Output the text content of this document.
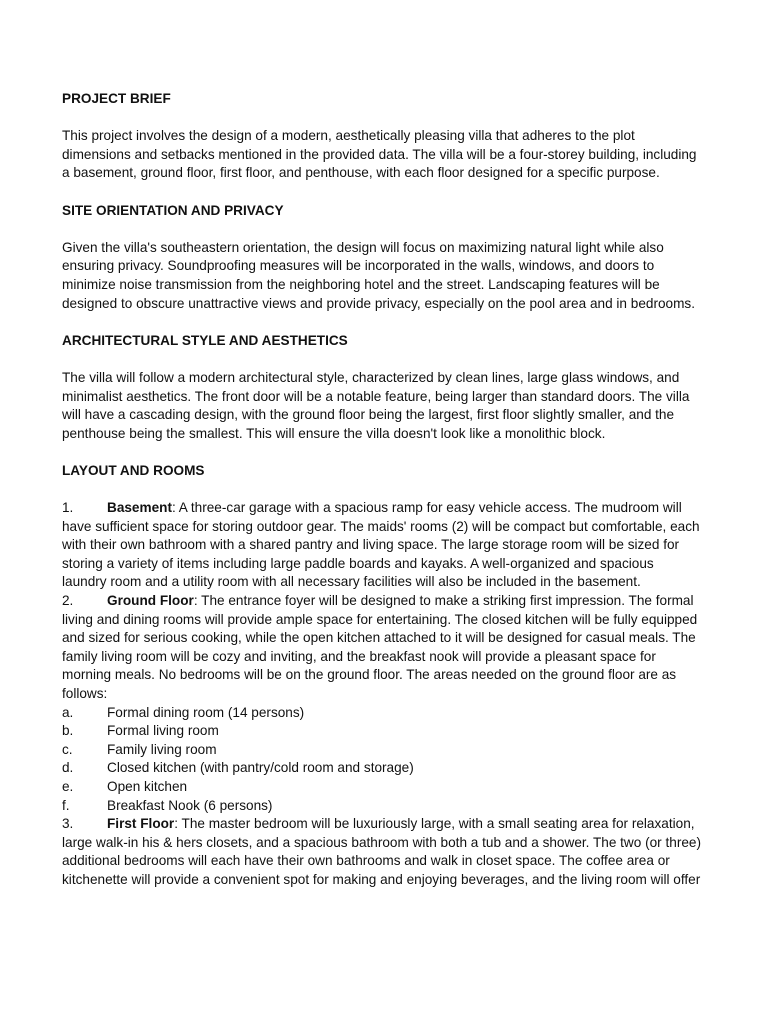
PROJECT BRIEF
This project involves the design of a modern, aesthetically pleasing villa that adheres to the plot
dimensions and setbacks mentioned in the provided data. The villa will be a four-storey building, including
a basement, ground floor, first floor, and penthouse, with each floor designed for a specific purpose.
SITE ORIENTATION AND PRIVACY
Given the villa's southeastern orientation, the design will focus on maximizing natural light while also
ensuring privacy. Soundproofing measures will be incorporated in the walls, windows, and doors to
minimize noise transmission from the neighboring hotel and the street. Landscaping features will be
designed to obscure unattractive views and provide privacy, especially on the pool area and in bedrooms.
ARCHITECTURAL STYLE AND AESTHETICS
The villa will follow a modern architectural style, characterized by clean lines, large glass windows, and
minimalist aesthetics. The front door will be a notable feature, being larger than standard doors. The villa
will have a cascading design, with the ground floor being the largest, first floor slightly smaller, and the
penthouse being the smallest. This will ensure the villa doesn't look like a monolithic block.
LAYOUT AND ROOMS
1.	Basement: A three-car garage with a spacious ramp for easy vehicle access. The mudroom will
have sufficient space for storing outdoor gear. The maids' rooms (2) will be compact but comfortable, each
with their own bathroom with a shared pantry and living space. The large storage room will be sized for
storing a variety of items including large paddle boards and kayaks. A well-organized and spacious
laundry room and a utility room with all necessary facilities will also be included in the basement.
2.	Ground Floor: The entrance foyer will be designed to make a striking first impression. The formal
living and dining rooms will provide ample space for entertaining. The closed kitchen will be fully equipped
and sized for serious cooking, while the open kitchen attached to it will be designed for casual meals. The
family living room will be cozy and inviting, and the breakfast nook will provide a pleasant space for
morning meals. No bedrooms will be on the ground floor. The areas needed on the ground floor are as
follows:
a.	Formal dining room (14 persons)
b.	Formal living room
c.	Family living room
d.	Closed kitchen (with pantry/cold room and storage)
e.	Open kitchen
f.	Breakfast Nook (6 persons)
3.	First Floor: The master bedroom will be luxuriously large, with a small seating area for relaxation,
large walk-in his & hers closets, and a spacious bathroom with both a tub and a shower. The two (or three)
additional bedrooms will each have their own bathrooms and walk in closet space. The coffee area or
kitchenette will provide a convenient spot for making and enjoying beverages, and the living room will offer
